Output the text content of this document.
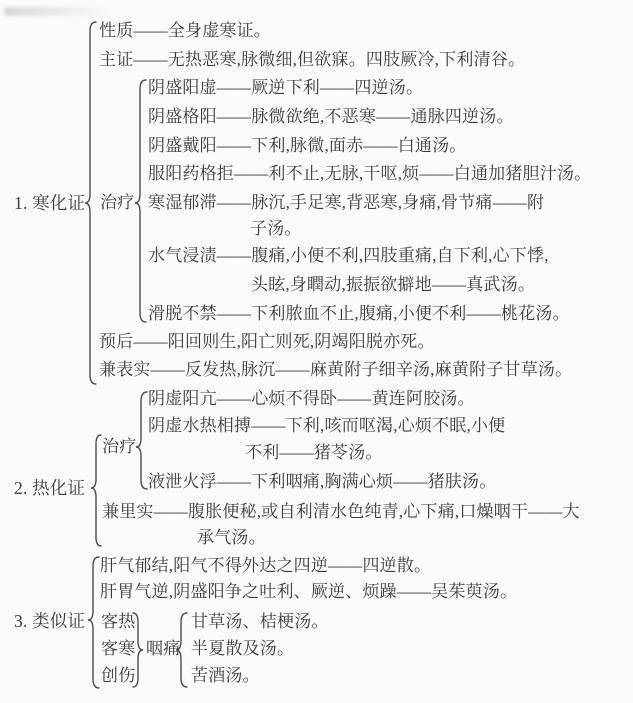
1. 寒化证
性质——全身虚寒证。
主证——无热恶寒,脉微细,但欲寐。四肢厥冷,下利清谷。
治疗
阴盛阳虚——厥逆下利——四逆汤。
阴盛格阳——脉微欲绝,不恶寒——通脉四逆汤。
阴盛戴阳——下利,脉微,面赤——白通汤。
服阳药格拒——利不止,无脉,干呕,烦——白通加猪胆汁汤。
寒湿郁滞——脉沉,手足寒,背恶寒,身痛,骨节痛——附
子汤。
水气浸渍——腹痛,小便不利,四肢重痛,自下利,心下悸,
头眩,身瞤动,振振欲擗地——真武汤。
滑脱不禁——下利脓血不止,腹痛,小便不利——桃花汤。
预后——阳回则生,阳亡则死,阴竭阳脱亦死。
兼表实——反发热,脉沉——麻黄附子细辛汤,麻黄附子甘草汤。
2. 热化证
治疗
阴虚阳亢——心烦不得卧——黄连阿胶汤。
阴虚水热相搏——下利,咳而呕渴,心烦不眠,小便
不利——猪苓汤。
液泄火浮——下利咽痛,胸满心烦——猪肤汤。
兼里实——腹胀便秘,或自利清水色纯青,心下痛,口燥咽干——大
承气汤。
3. 类似证
肝气郁结,阳气不得外达之四逆——四逆散。
肝胃气逆,阴盛阳争之吐利、厥逆、烦躁——吴茱萸汤。
客热
客寒
创伤
咽痛
甘草汤、桔梗汤。
半夏散及汤。
苦酒汤。
